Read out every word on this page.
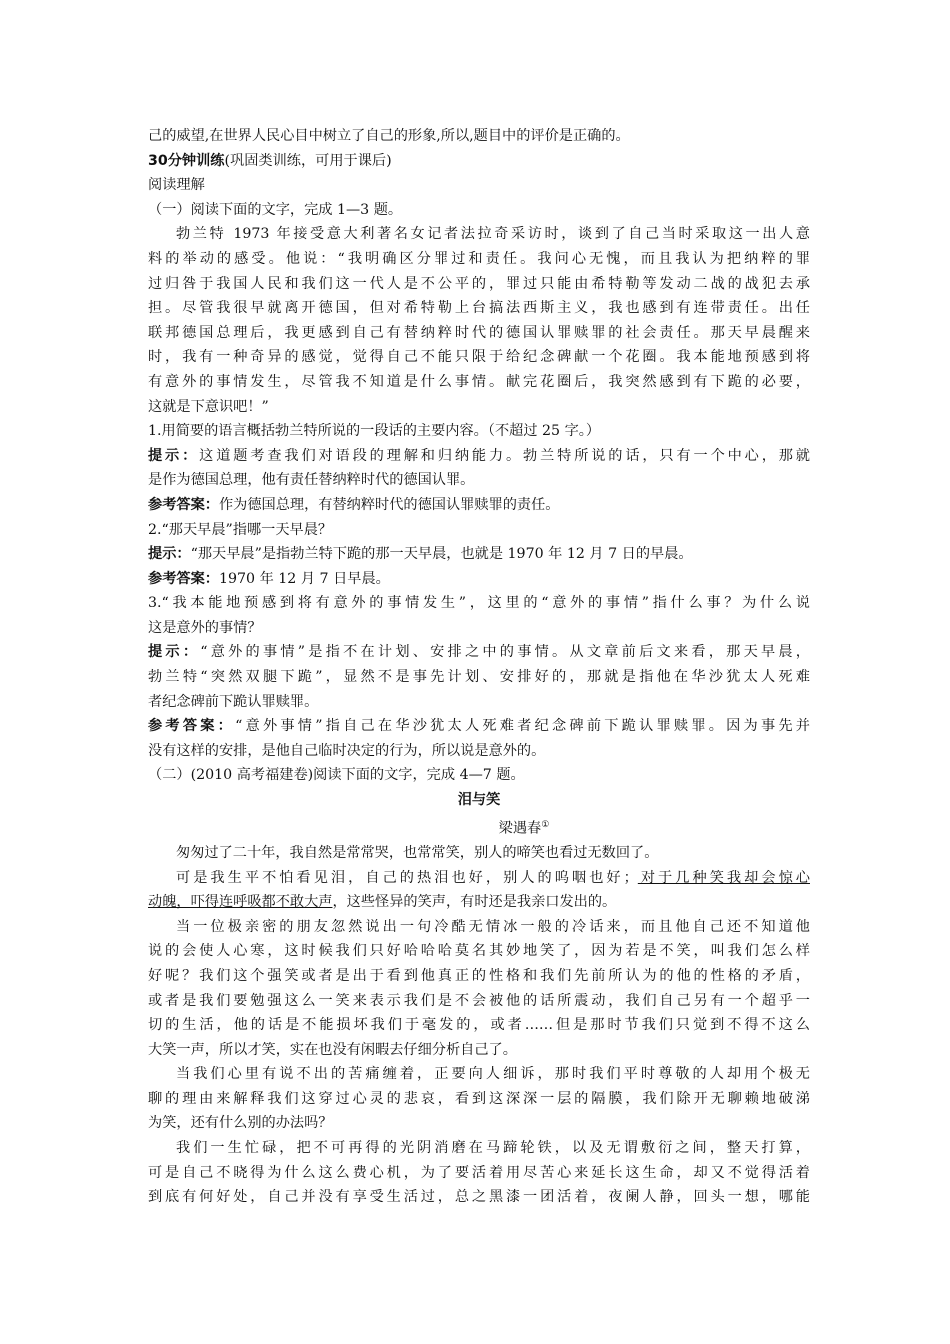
己的威望,在世界人民心目中树立了自己的形象,所以,题目中的评价是正确的。
30分钟训练(巩固类训练，可用于课后)
阅读理解
（一）阅读下面的文字，完成 1—3 题。
勃兰特 1973 年接受意大利著名女记者法拉奇采访时，谈到了自己当时采取这一出人意
料的举动的感受。他说：“我明确区分罪过和责任。我问心无愧，而且我认为把纳粹的罪
过归咎于我国人民和我们这一代人是不公平的，罪过只能由希特勒等发动二战的战犯去承
担。尽管我很早就离开德国，但对希特勒上台搞法西斯主义，我也感到有连带责任。出任
联邦德国总理后，我更感到自己有替纳粹时代的德国认罪赎罪的社会责任。那天早晨醒来
时，我有一种奇异的感觉，觉得自己不能只限于给纪念碑献一个花圈。我本能地预感到将
有意外的事情发生，尽管我不知道是什么事情。献完花圈后，我突然感到有下跪的必要，
这就是下意识吧！”
1.用简要的语言概括勃兰特所说的一段话的主要内容。（不超过 25 字。）
提示：这道题考查我们对语段的理解和归纳能力。勃兰特所说的话，只有一个中心，那就
是作为德国总理，他有责任替纳粹时代的德国认罪。
参考答案：作为德国总理，有替纳粹时代的德国认罪赎罪的责任。
2.“那天早晨”指哪一天早晨？
提示：“那天早晨”是指勃兰特下跪的那一天早晨，也就是 1970 年 12 月 7 日的早晨。
参考答案：1970 年 12 月 7 日早晨。
3.“我本能地预感到将有意外的事情发生”，这里的“意外的事情”指什么事？为什么说
这是意外的事情？
提示：“意外的事情”是指不在计划、安排之中的事情。从文章前后文来看，那天早晨，
勃兰特“突然双腿下跪”，显然不是事先计划、安排好的，那就是指他在华沙犹太人死难
者纪念碑前下跪认罪赎罪。
参考答案：“意外事情”指自己在华沙犹太人死难者纪念碑前下跪认罪赎罪。因为事先并
没有这样的安排，是他自己临时决定的行为，所以说是意外的。
（二）(2010 高考福建卷)阅读下面的文字，完成 4—7 题。
泪与笑
梁遇春①
匆匆过了二十年，我自然是常常哭，也常常笑，别人的啼笑也看过无数回了。
可是我生平不怕看见泪，自己的热泪也好，别人的呜咽也好；对于几种笑我却会惊心
动魄，吓得连呼吸都不敢大声，这些怪异的笑声，有时还是我亲口发出的。
当一位极亲密的朋友忽然说出一句冷酷无情冰一般的冷话来，而且他自己还不知道他
说的会使人心寒，这时候我们只好哈哈哈莫名其妙地笑了，因为若是不笑，叫我们怎么样
好呢？我们这个强笑或者是出于看到他真正的性格和我们先前所认为的他的性格的矛盾，
或者是我们要勉强这么一笑来表示我们是不会被他的话所震动，我们自己另有一个超乎一
切的生活，他的话是不能损坏我们于毫发的，或者……但是那时节我们只觉到不得不这么
大笑一声，所以才笑，实在也没有闲暇去仔细分析自己了。
当我们心里有说不出的苦痛缠着，正要向人细诉，那时我们平时尊敬的人却用个极无
聊的理由来解释我们这穿过心灵的悲哀，看到这深深一层的隔膜，我们除开无聊赖地破涕
为笑，还有什么别的办法吗？
我们一生忙碌，把不可再得的光阴消磨在马蹄轮铁，以及无谓敷衍之间，整天打算，
可是自己不晓得为什么这么费心机，为了要活着用尽苦心来延长这生命，却又不觉得活着
到底有何好处，自己并没有享受生活过，总之黑漆一团活着，夜阑人静，回头一想，哪能
